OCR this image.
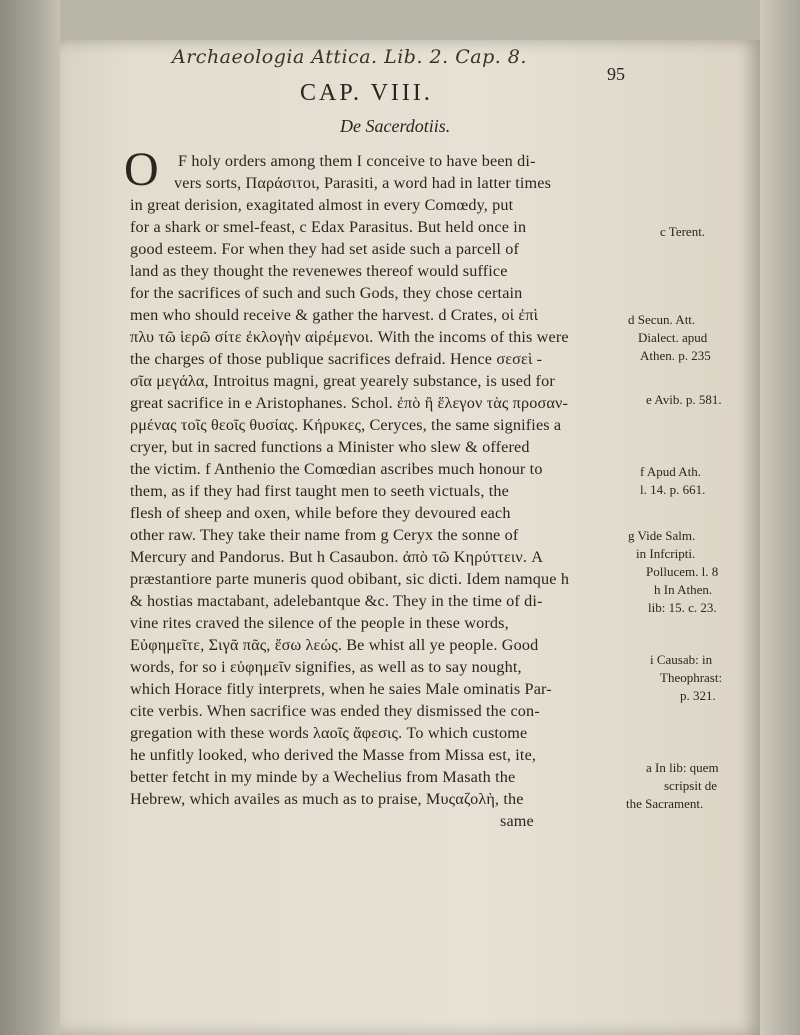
Archaeologia Attica. Lib. 2. Cap. 8.
95
CAP. VIII.
De Sacerdotiis.
O F holy orders among them I conceive to have been di-
vers sorts, Παράσιτοι, Parasiti, a word had in latter times
in great derision, exagitated almost in every Comœdy, put
for a shark or smel-feast, c Edax Parasitus. But held once in
good esteem. For when they had set aside such a parcell of
land as they thought the revenewes thereof would suffice
for the sacrifices of such and such Gods, they chose certain
men who should receive & gather the harvest. d Crates, οἱ ἐπὶ
πλυ τῶ ἱερῶ σίτε ἐκλογὴν αἱρέμενοι. With the incoms of this were
the charges of those publique sacrifices defraid. Hence σεσεὶ -
σῖα μεγάλα, Introitus magni, great yearely substance, is used for
great sacrifice in e Aristophanes. Schol. ἐπὸ ἢ ἕλεγον τὰς προσαν-
ρμένας τοῖς θεοῖς θυσίας. Κήρυκες, Ceryces, the same signifies a
cryer, but in sacred functions a Minister who slew & offered
the victim. f Anthenio the Comœdian ascribes much honour to
them, as if they had first taught men to seeth victuals, the
flesh of sheep and oxen, while before they devoured each
other raw. They take their name from g Ceryx the sonne of
Mercury and Pandorus. But h Casaubon. ἀπὸ τῶ Κηρύττειν. A
præstantiore parte muneris quod obibant, sic dicti. Idem namque h
& hostias mactabant, adelebantque &c. They in the time of di-
vine rites craved the silence of the people in these words,
Εὐφημεῖτε, Σιγᾶ πᾶς, ἔσω λεώς. Be whist all ye people. Good
words, for so i εὐφημεῖν signifies, as well as to say nought,
which Horace fitly interprets, when he saies Male ominatis Par-
cite verbis. When sacrifice was ended they dismissed the con-
gregation with these words λαοῖς ἄφεσις. To which custome
he unfitly looked, who derived the Masse from Missa est, ite,
better fetcht in my minde by a Wechelius from Masath the
Hebrew, which availes as much as to praise, Μυςαζολὴ, the
same
c Terent.
d Secun. Att.
Dialect. apud
Athen. p. 235
e Avib. p. 581.
f Apud Ath.
l. 14. p. 661.
g Vide Salm.
in Infcripti.
Pollucem. l. 8
h In Athen.
lib: 15. c. 23.
i Causab: in
Theophrast:
p. 321.
a In lib: quem
scripsit de
the Sacrament.
